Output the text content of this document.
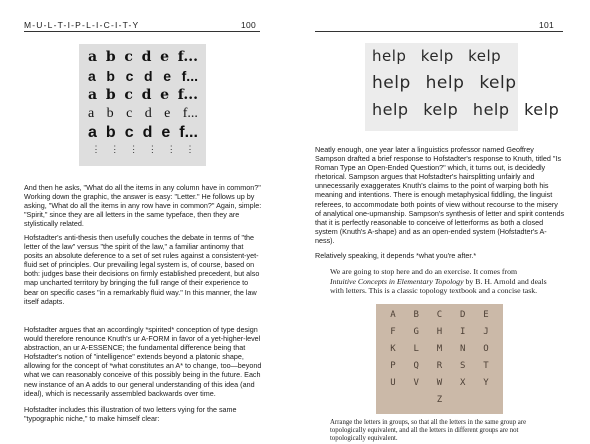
M-U-L-T-I-P-L-I-C-I-T-Y	100
a b c d e f...
a b c d e f...
a b c d e f...
a b c d e f...
a b c d e f...
⋮	⋮	⋮	⋮	⋮	⋮

And then he asks, "What do all the items in any column have in common?" Working down the graphic, the answer is easy: "Letter." He follows up by asking, "What do all the items in any row have in common?" Again, simple: "Spirit," since they are all letters in the same typeface, then they are stylistically related.

Hofstadter's anti-thesis then usefully couches the debate in terms of "the letter of the law" versus "the spirit of the law," a familiar antinomy that posits an absolute deference to a set of set rules against a consistent-yet-fluid set of principles. Our prevailing legal system is, of course, based on both: judges base their decisions on firmly established precedent, but also map uncharted territory by bringing the full range of their experience to bear on specific cases "in a remarkably fluid way." In this manner, the law itself adapts.

Hofstadter argues that an accordingly *spirited* conception of type design would therefore renounce Knuth's ur A-FORM in favor of a yet-higher-level abstraction, an ur A-ESSENCE; the fundamental difference being that Hofstadter's notion of "intelligence" extends beyond a platonic shape, allowing for the concept of *what constitutes an A* to change, too—beyond what we can reasonably conceive of this possibly being in the future. Each new instance of an A adds to our general understanding of this idea (and ideal), which is necessarily assembled backwards over time.

Hofstadter includes this illustration of two letters vying for the same "typographic niche," to make himself clear:

101
help kelp kelp
help help kelp
help kelp help kelp

Neatly enough, one year later a linguistics professor named Geoffrey Sampson drafted a brief response to Hofstadter's response to Knuth, titled "Is Roman Type an Open-Ended Question?" which, it turns out, is decidedly rhetorical. Sampson argues that Hofstadter's hairsplitting unfairly and unnecessarily exaggerates Knuth's claims to the point of warping both his meaning and intentions. There is enough metaphysical fiddling, the linguist referees, to accommodate both points of view without recourse to the misery of analytical one-upmanship. Sampson's synthesis of letter and spirit contends that it is perfectly reasonable to conceive of letterforms as both a closed system (Knuth's A-shape) and as an open-ended system (Hofstadter's A-ness).

Relatively speaking, it depends *what you're after.*

We are going to stop here and do an exercise. It comes from
Intuitive Concepts in Elementary Topology by B. H. Arnold and deals
with letters. This is a classic topology textbook and a concise task.
A	B	C	D	E
F	G	H	I	J
K	L	M	N	O
P	Q	R	S	T
U	V	W	X	Y
Z
Arrange the letters in groups, so that all the letters in the same group are topologically equivalent, and all the letters in different groups are not topologically equivalent.
